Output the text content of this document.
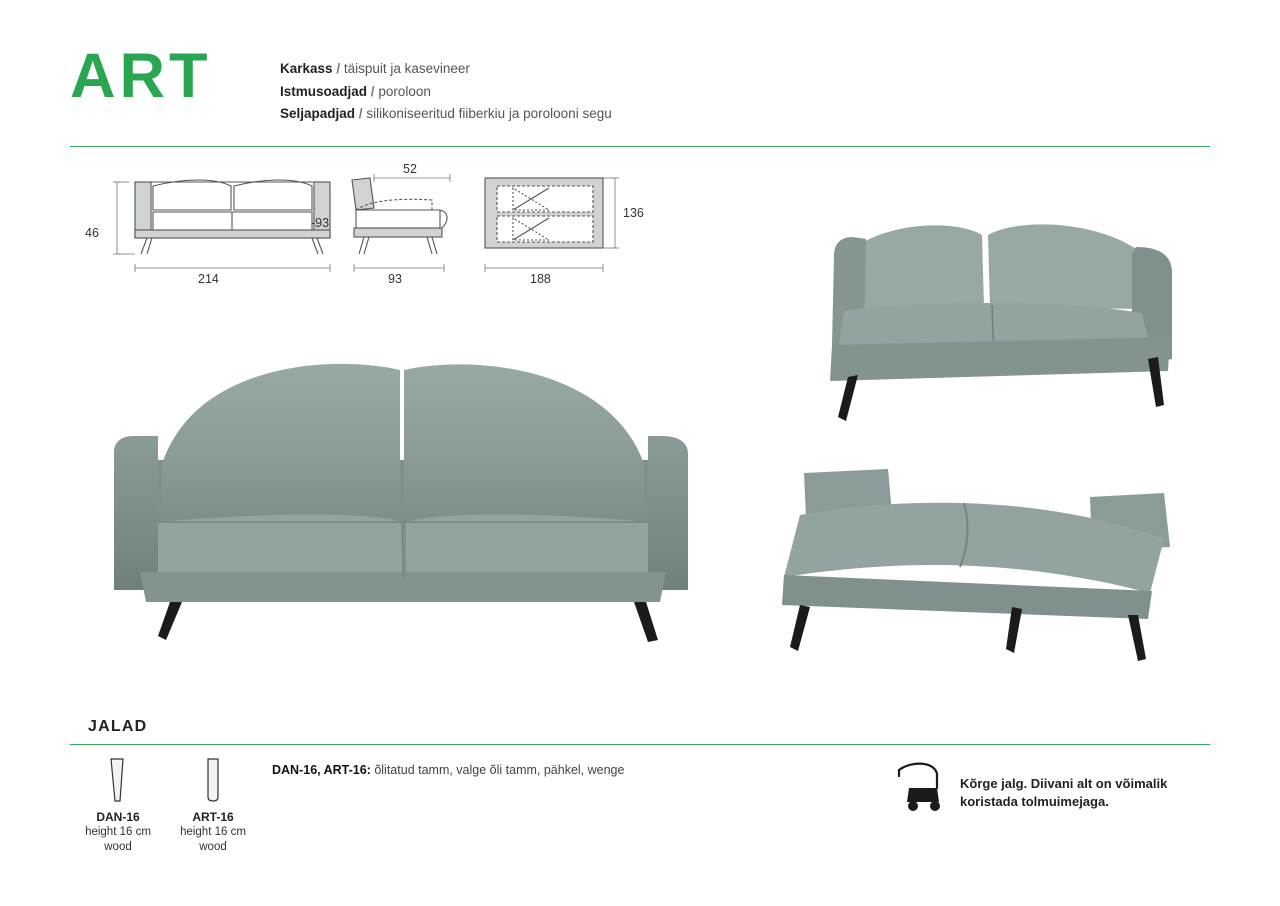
ART	Karkass / täispuit ja kasevineer
Istmusoadjad / poroloon
Seljapadjad / silikoniseeritud fiiberkiu ja porolooni segu
46
214
52
-93
93
136
188
JALAD
DAN-16
height 16 cm
wood
ART-16
height 16 cm
wood
DAN-16, ART-16: õlitatud tamm, valge õli tamm, pähkel, wenge
Kõrge jalg. Diivani alt on võimalik
koristada tolmuimejaga.
